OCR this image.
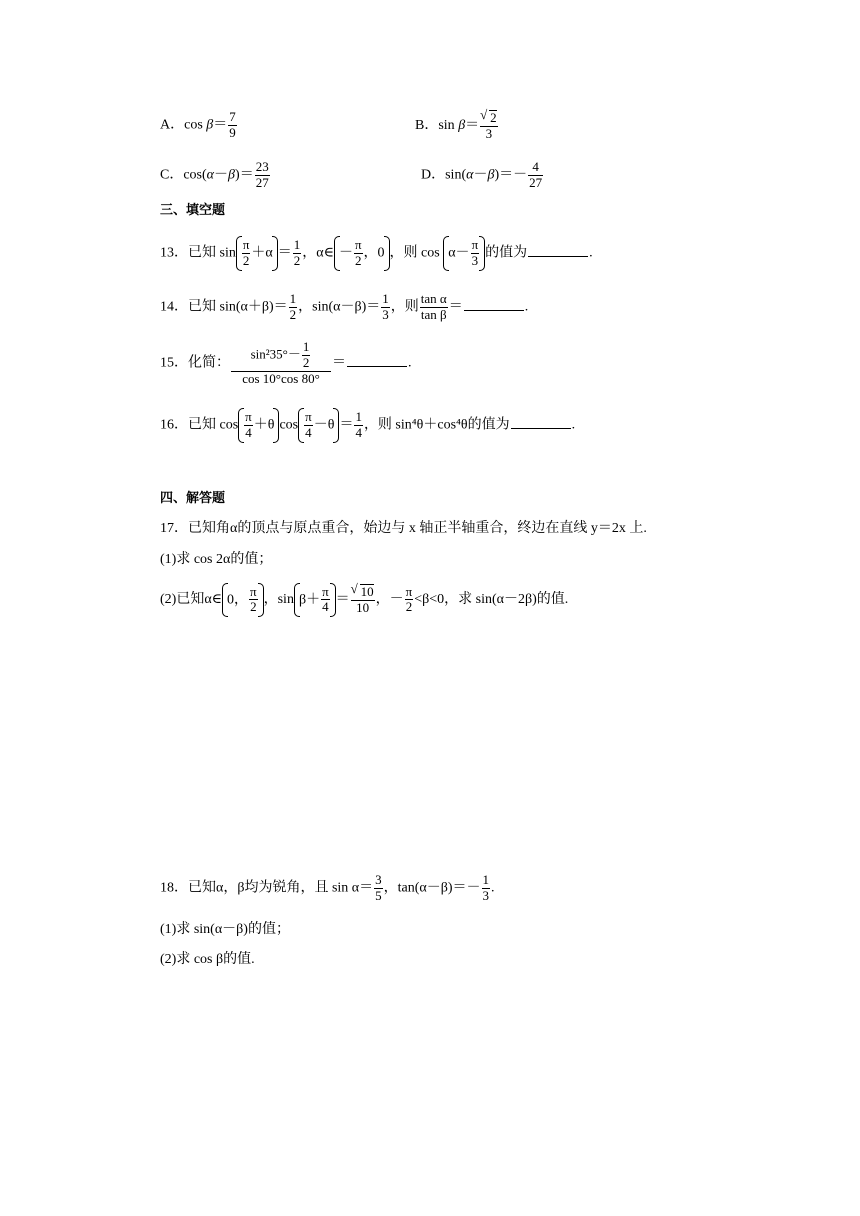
A．$\cos \beta= \frac{7}{9}$	B．sin β＝ √ $\frac{2}{3}$
C．$\cos(\alpha-\beta)= \frac{23}{27}$	D．$\sin(\alpha-\beta)=- \frac{4}{27}$
三、填空题
13．已知 $\sin \frac{\pi}{2} +\alpha = \frac{1}{2}$ ，α∈ － $\frac{\pi}{2}$ ，0 ，则 $\cos \alpha- \frac{\pi}{3}$ 的值为	.
14．已知 $\sin(\alpha+\beta)= \frac{1}{2}$ ，$\sin(\alpha-\beta)= \frac{1}{3}$ ，则 $\frac{\text{tan α}}{\text{tan β}}$ ＝	.
15．化简： $\frac{\sin^235^\circ- \frac{1}{2}}{\cos 10^\circ\cos 80^\circ}$ ＝	.
16．已知 $\cos \frac{\pi}{4} +\theta$ $\cos \frac{\pi}{4} -\theta = \frac{1}{4}$ ，则 sin⁴θ＋cos⁴θ的值为	.
四、解答题
17．已知角α的顶点与原点重合，始边与 x 轴正半轴重合，终边在直线 y＝2x 上.
(1)求 cos 2α的值；
(2)已知α∈ 0， $\frac{\pi}{2}$ ，$\sin \beta+ \frac{\pi}{4}$ ＝ √ $\frac{10}{10}$ ，－ $\frac{\pi}{2} <\beta<0$，求 sin(α－2β)的值.
18．已知α，β均为锐角，且 $\sin \alpha= \frac{3}{5}$ ，$\tan(\alpha-\beta)=- \frac{1}{3}$ .
(1)求 sin(α－β)的值；
(2)求 cos β的值.
